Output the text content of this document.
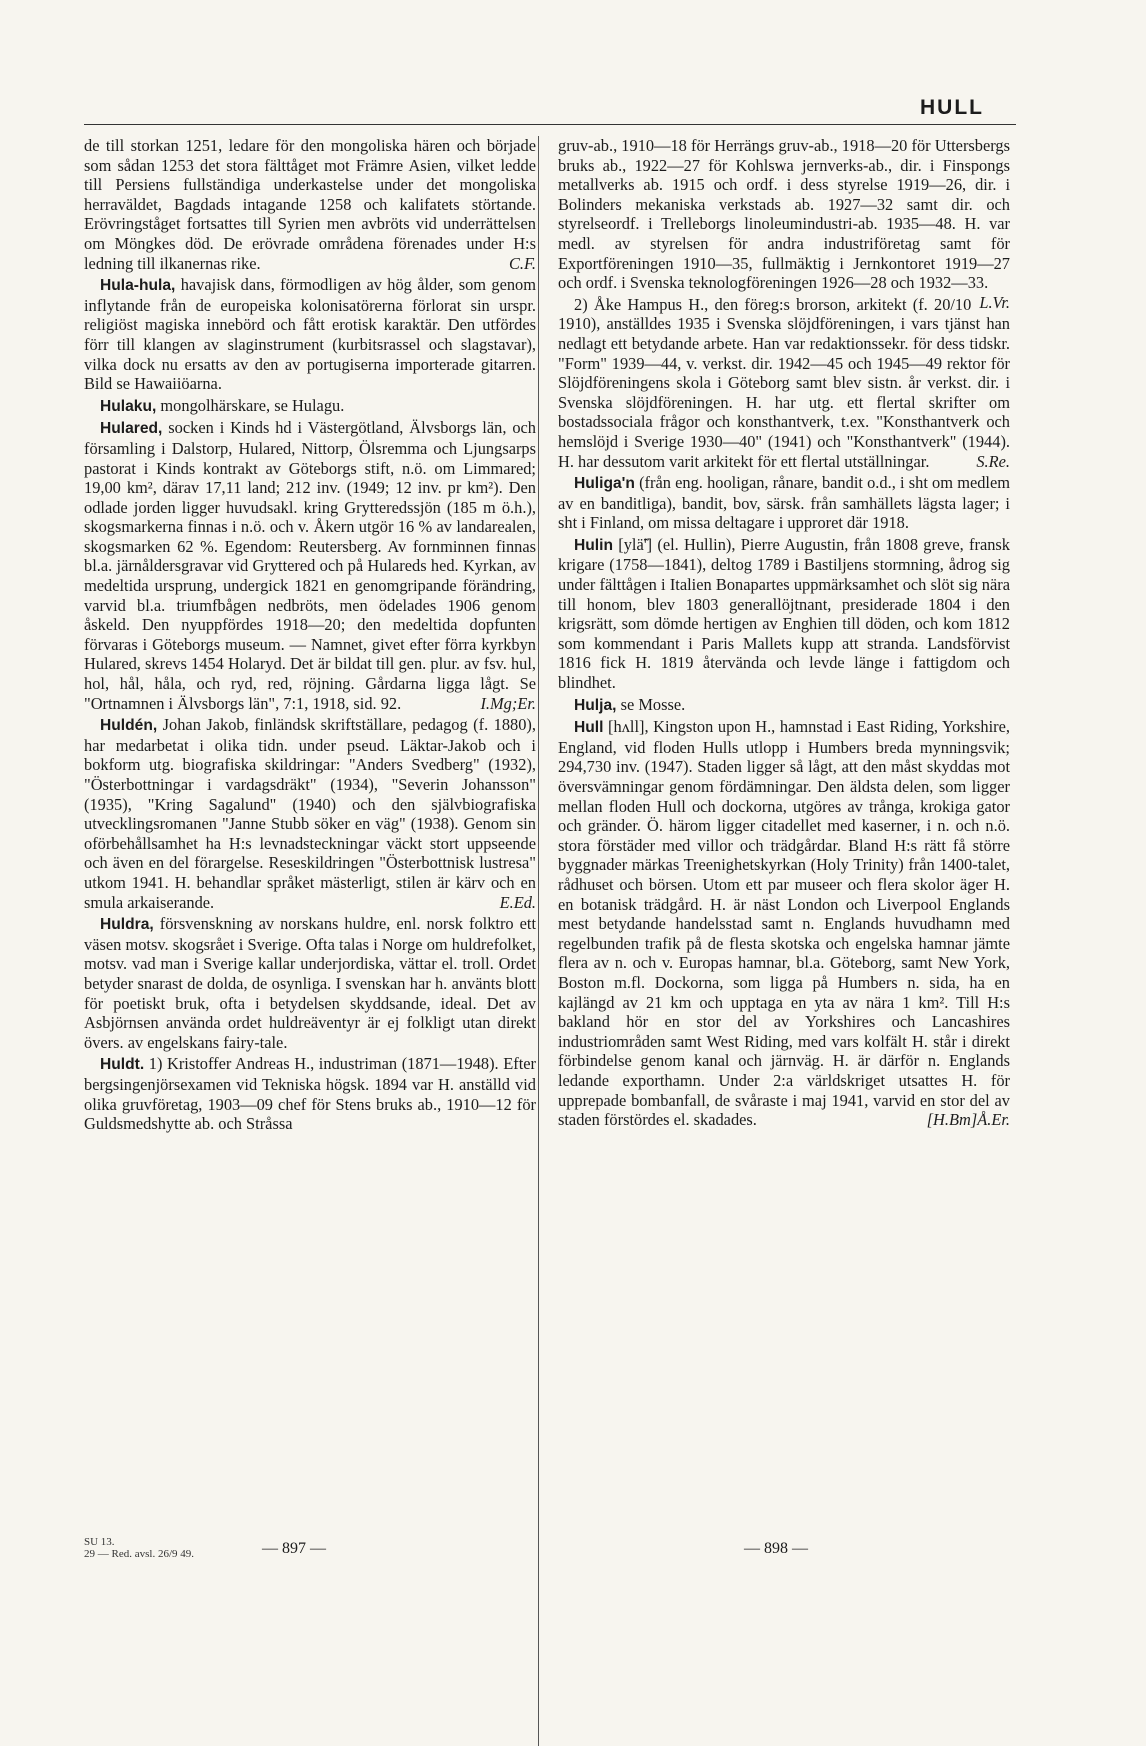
HULL

de till storkan 1251, ledare för den mongoliska hären och började som sådan 1253 det stora fälttåget mot Främre Asien, vilket ledde till Persiens fullständiga underkastelse under det mongoliska herraväldet, Bagdads intagande 1258 och kalifatets störtande. Erövringståget fortsattes till Syrien men avbröts vid underrättelsen om Möngkes död. De erövrade områdena förenades under H:s ledning till ilkanernas rike.	C.F.

Hula-hula, havajisk dans, förmodligen av hög ålder, som genom inflytande från de europeiska kolonisatörerna förlorat sin urspr. religiöst magiska innebörd och fått erotisk karaktär. Den utfördes förr till klangen av slaginstrument (kurbitsrassel och slagstavar), vilka dock nu ersatts av den av portugiserna importerade gitarren. Bild se Hawaiiöarna.

Hulaku, mongolhärskare, se Hulagu.

Hulared, socken i Kinds hd i Västergötland, Älvsborgs län, och församling i Dalstorp, Hulared, Nittorp, Ölsremma och Ljungsarps pastorat i Kinds kontrakt av Göteborgs stift, n.ö. om Limmared; 19,00 km², därav 17,11 land; 212 inv. (1949; 12 inv. pr km²). Den odlade jorden ligger huvudsakl. kring Grytteredssjön (185 m ö.h.), skogsmarkerna finnas i n.ö. och v. Åkern utgör 16 % av landarealen, skogsmarken 62 %. Egendom: Reutersberg. Av fornminnen finnas bl.a. järnåldersgravar vid Gryttered och på Hulareds hed. Kyrkan, av medeltida ursprung, undergick 1821 en genomgripande förändring, varvid bl.a. triumfbågen nedbröts, men ödelades 1906 genom åskeld. Den nyuppfördes 1918—20; den medeltida dopfunten förvaras i Göteborgs museum. — Namnet, givet efter förra kyrkbyn Hulared, skrevs 1454 Holaryd. Det är bildat till gen. plur. av fsv. hul, hol, hål, håla, och ryd, red, röjning. Gårdarna ligga lågt. Se "Ortnamnen i Älvsborgs län", 7:1, 1918, sid. 92.	I.Mg;Er.

Huldén, Johan Jakob, finländsk skriftställare, pedagog (f. 1880), har medarbetat i olika tidn. under pseud. Läktar-Jakob och i bokform utg. biografiska skildringar: "Anders Svedberg" (1932), "Österbottningar i vardagsdräkt" (1934), "Severin Johansson" (1935), "Kring Sagalund" (1940) och den självbiografiska utvecklingsromanen "Janne Stubb söker en väg" (1938). Genom sin oförbehållsamhet ha H:s levnadsteckningar väckt stort uppseende och även en del förargelse. Reseskildringen "Österbottnisk lustresa" utkom 1941. H. behandlar språket mästerligt, stilen är kärv och en smula arkaiserande.	E.Ed.

Huldra, försvenskning av norskans huldre, enl. norsk folktro ett väsen motsv. skogsrået i Sverige. Ofta talas i Norge om huldrefolket, motsv. vad man i Sverige kallar underjordiska, vättar el. troll. Ordet betyder snarast de dolda, de osynliga. I svenskan har h. använts blott för poetiskt bruk, ofta i betydelsen skyddsande, ideal. Det av Asbjörnsen använda ordet huldreäventyr är ej folkligt utan direkt övers. av engelskans fairy-tale.

Huldt. 1) Kristoffer Andreas H., industriman (1871—1948). Efter bergsingenjörsexamen vid Tekniska högsk. 1894 var H. anställd vid olika gruvföretag, 1903—09 chef för Stens bruks ab., 1910—12 för Guldsmedshytte ab. och Stråssa

gruv-ab., 1910—18 för Herrängs gruv-ab., 1918—20 för Uttersbergs bruks ab., 1922—27 för Kohlswa jernverks-ab., dir. i Finspongs metallverks ab. 1915 och ordf. i dess styrelse 1919—26, dir. i Bolinders mekaniska verkstads ab. 1927—32 samt dir. och styrelseordf. i Trelleborgs linoleumindustri-ab. 1935—48. H. var medl. av styrelsen för andra industriföretag samt för Exportföreningen 1910—35, fullmäktig i Jernkontoret 1919—27 och ordf. i Svenska teknologföreningen 1926—28 och 1932—33.
L.Vr.

2) Åke Hampus H., den föreg:s brorson, arkitekt (f. 20/10 1910), anställdes 1935 i Svenska slöjdföreningen, i vars tjänst han nedlagt ett betydande arbete. Han var redaktionssekr. för dess tidskr. "Form" 1939—44, v. verkst. dir. 1942—45 och 1945—49 rektor för Slöjdföreningens skola i Göteborg samt blev sistn. år verkst. dir. i Svenska slöjdföreningen. H. har utg. ett flertal skrifter om bostadssociala frågor och konsthantverk, t.ex. "Konsthantverk och hemslöjd i Sverige 1930—40" (1941) och "Konsthantverk" (1944). H. har dessutom varit arkitekt för ett flertal utställningar.	S.Re.

Huliga'n (från eng. hooligan, rånare, bandit o.d., i sht om medlem av en banditliga), bandit, bov, särsk. från samhällets lägsta lager; i sht i Finland, om missa deltagare i upproret där 1918.

Hulin [ylä̃'] (el. Hullin), Pierre Augustin, från 1808 greve, fransk krigare (1758—1841), deltog 1789 i Bastiljens stormning, ådrog sig under fälttågen i Italien Bonapartes uppmärksamhet och slöt sig nära till honom, blev 1803 generallöjtnant, presiderade 1804 i den krigsrätt, som dömde hertigen av Enghien till döden, och kom 1812 som kommendant i Paris Mallets kupp att stranda. Landsförvist 1816 fick H. 1819 återvända och levde länge i fattigdom och blindhet.

Hulja, se Mosse.

Hull [hʌll], Kingston upon H., hamnstad i East Riding, Yorkshire, England, vid floden Hulls utlopp i Humbers breda mynningsvik; 294,730 inv. (1947). Staden ligger så lågt, att den måst skyddas mot översvämningar genom fördämningar. Den äldsta delen, som ligger mellan floden Hull och dockorna, utgöres av trånga, krokiga gator och gränder. Ö. härom ligger citadellet med kaserner, i n. och n.ö. stora förstäder med villor och trädgårdar. Bland H:s rätt få större byggnader märkas Treenighetskyrkan (Holy Trinity) från 1400-talet, rådhuset och börsen. Utom ett par museer och flera skolor äger H. en botanisk trädgård. H. är näst London och Liverpool Englands mest betydande handelsstad samt n. Englands huvudhamn med regelbunden trafik på de flesta skotska och engelska hamnar jämte flera av n. och v. Europas hamnar, bl.a. Göteborg, samt New York, Boston m.fl. Dockorna, som ligga på Humbers n. sida, ha en kajlängd av 21 km och upptaga en yta av nära 1 km². Till H:s bakland hör en stor del av Yorkshires och Lancashires industriområden samt West Riding, med vars kolfält H. står i direkt förbindelse genom kanal och järnväg. H. är därför n. Englands ledande exporthamn. Under 2:a världskriget utsattes H. för upprepade bombanfall, de svåraste i maj 1941, varvid en stor del av staden förstördes el. skadades.	[H.Bm]Å.Er.

SU 13.
29 — Red. avsl. 26/9 49.	— 897 —	— 898 —
